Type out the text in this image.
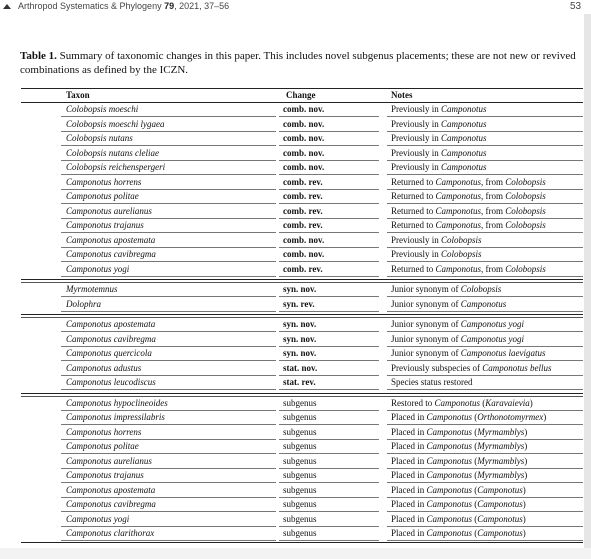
Arthropod Systematics & Phylogeny 79, 2021, 37–56	53
Table 1. Summary of taxonomic changes in this paper. This includes novel subgenus placements; these are not new or revived
combinations as defined by the ICZN.
Taxon	Change	Notes
Colobopsis moeschi	comb. nov.	Previously in Camponotus
Colobopsis moeschi lygaea	comb. nov.	Previously in Camponotus
Colobopsis nutans	comb. nov.	Previously in Camponotus
Colobopsis nutans cleliae	comb. nov.	Previously in Camponotus
Colobopsis reichenspergeri	comb. nov.	Previously in Camponotus
Camponotus horrens	comb. rev.	Returned to Camponotus, from Colobopsis
Camponotus politae	comb. rev.	Returned to Camponotus, from Colobopsis
Camponotus aurelianus	comb. rev.	Returned to Camponotus, from Colobopsis
Camponotus trajanus	comb. rev.	Returned to Camponotus, from Colobopsis
Camponotus apostemata	comb. nov.	Previously in Colobopsis
Camponotus cavibregma	comb. nov.	Previously in Colobopsis
Camponotus yogi	comb. rev.	Returned to Camponotus, from Colobopsis
Myrmotemnus	syn. nov.	Junior synonym of Colobopsis
Dolophra	syn. rev.	Junior synonym of Camponotus
Camponotus apostemata	syn. nov.	Junior synonym of Camponotus yogi
Camponotus cavibregma	syn. nov.	Junior synonym of Camponotus yogi
Camponotus quercicola	syn. nov.	Junior synonym of Camponotus laevigatus
Camponotus adustus	stat. nov.	Previously subspecies of Camponotus bellus
Camponotus leucodiscus	stat. rev.	Species status restored
Camponotus hypoclineoides	subgenus	Restored to Camponotus (Karavaievia)
Camponotus impressilabris	subgenus	Placed in Camponotus (Orthonotomyrmex)
Camponotus horrens	subgenus	Placed in Camponotus (Myrmamblys)
Camponotus politae	subgenus	Placed in Camponotus (Myrmamblys)
Camponotus aurelianus	subgenus	Placed in Camponotus (Myrmamblys)
Camponotus trajanus	subgenus	Placed in Camponotus (Myrmamblys)
Camponotus apostemata	subgenus	Placed in Camponotus (Camponotus)
Camponotus cavibregma	subgenus	Placed in Camponotus (Camponotus)
Camponotus yogi	subgenus	Placed in Camponotus (Camponotus)
Camponotus clarithorax	subgenus	Placed in Camponotus (Camponotus)
